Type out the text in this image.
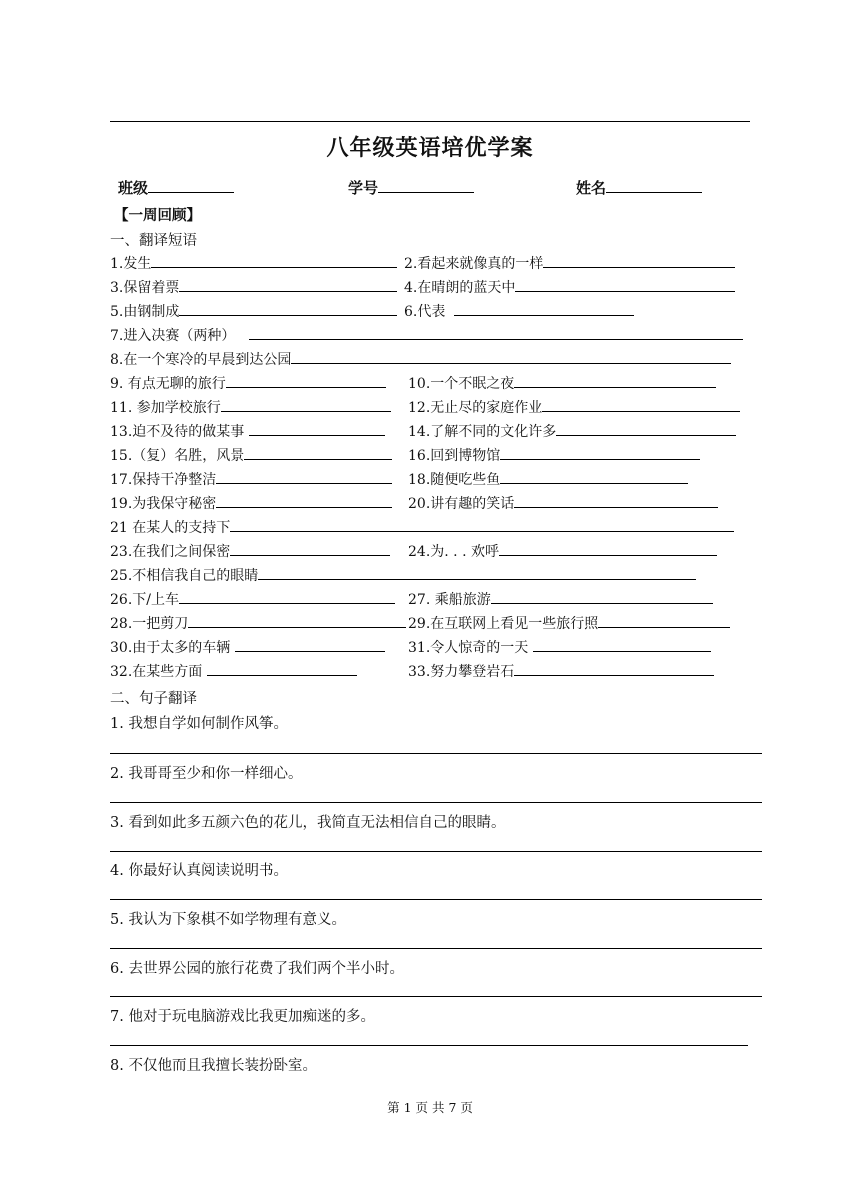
八年级英语培优学案
班级	学号	姓名
【一周回顾】
一、翻译短语
1.发生	2.看起来就像真的一样
3.保留着票	4.在晴朗的蓝天中
5.由钢制成	6.代表
7.进入决赛（两种）
8.在一个寒冷的早晨到达公园
9. 有点无聊的旅行	10.一个不眠之夜
11. 参加学校旅行	12.无止尽的家庭作业
13.迫不及待的做某事	14.了解不同的文化许多
15.（复）名胜，风景	16.回到博物馆
17.保持干净整洁	18.随便吃些鱼
19.为我保守秘密	20.讲有趣的笑话
21 在某人的支持下
23.在我们之间保密	24.为. . . 欢呼
25.不相信我自己的眼睛
26.下/上车	27. 乘船旅游
28.一把剪刀	29.在互联网上看见一些旅行照
30.由于太多的车辆	31.令人惊奇的一天
32.在某些方面	33.努力攀登岩石
二、句子翻译
1. 我想自学如何制作风筝。
2. 我哥哥至少和你一样细心。
3. 看到如此多五颜六色的花儿，我简直无法相信自己的眼睛。
4. 你最好认真阅读说明书。
5. 我认为下象棋不如学物理有意义。
6. 去世界公园的旅行花费了我们两个半小时。
7. 他对于玩电脑游戏比我更加痴迷的多。
8. 不仅他而且我擅长装扮卧室。
第 1 页 共 7 页
